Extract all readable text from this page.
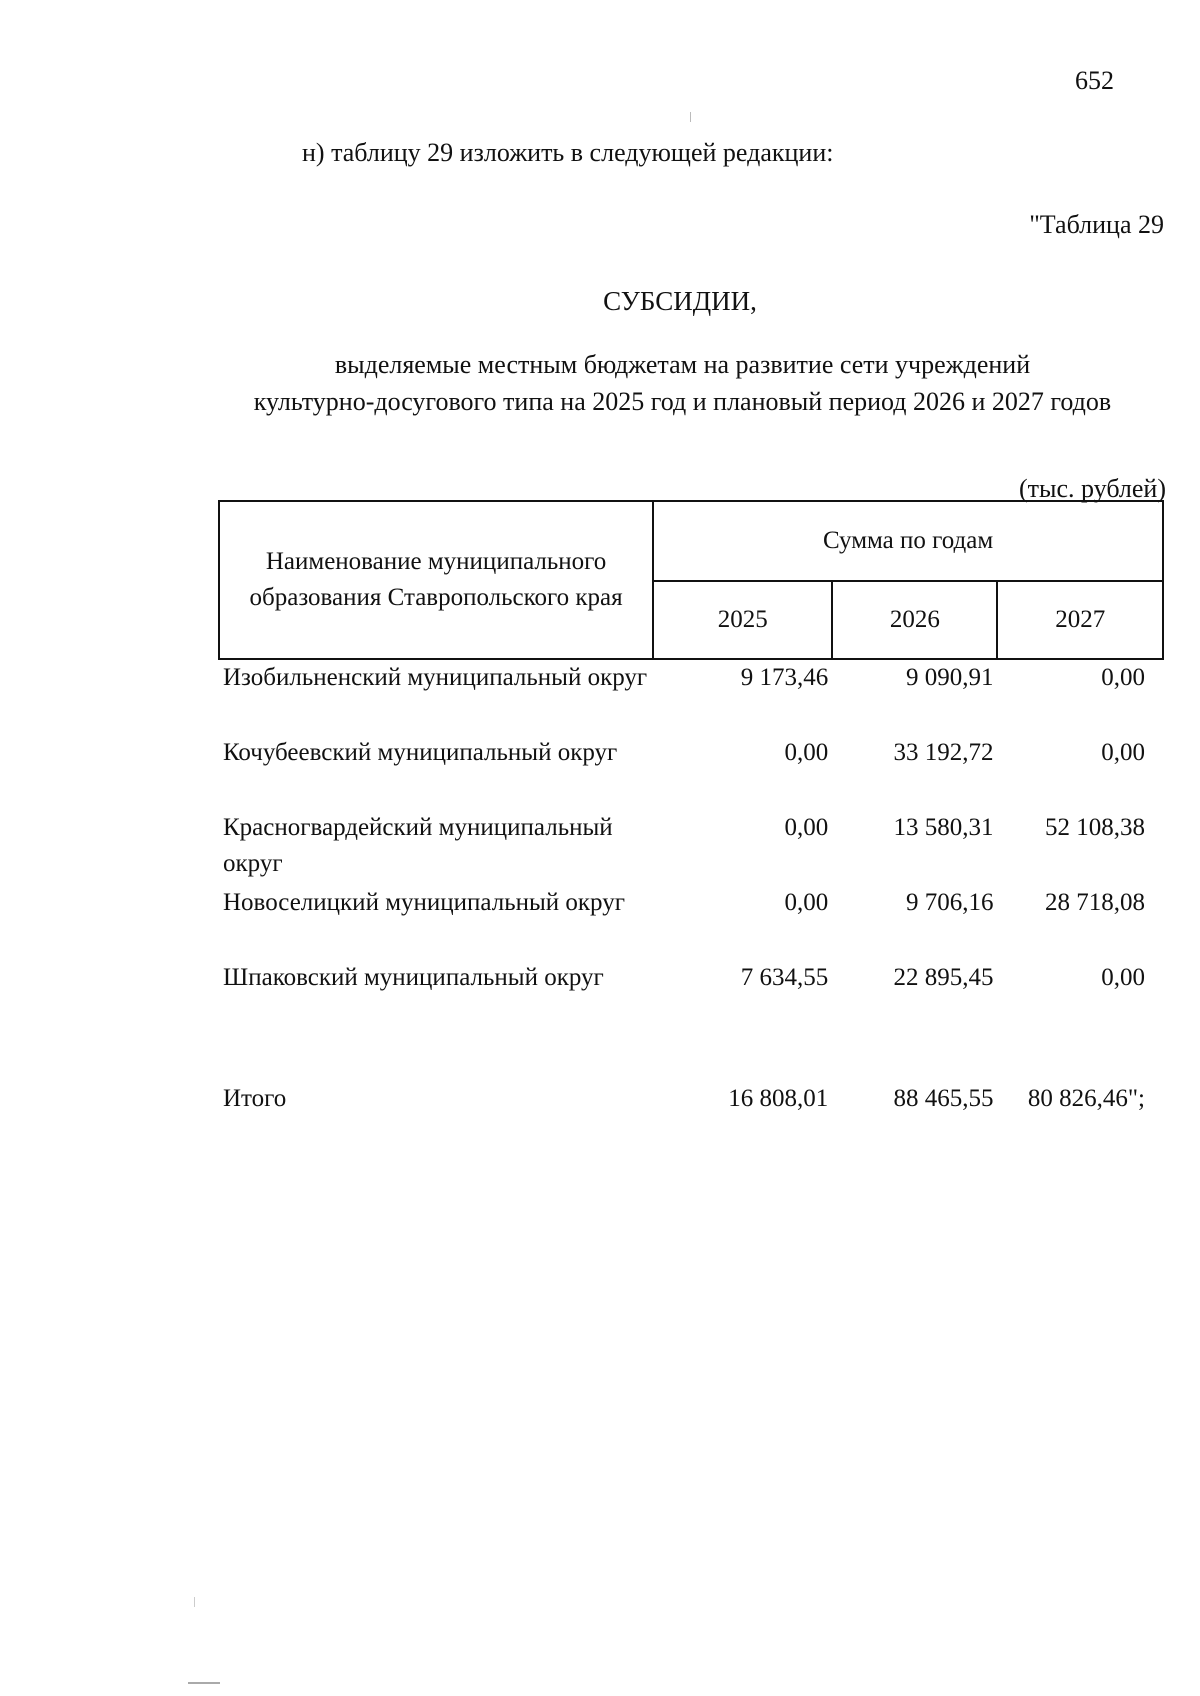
652
н) таблицу 29 изложить в следующей редакции:
"Таблица 29
СУБСИДИИ,
выделяемые местным бюджетам на развитие сети учреждений
культурно-досугового типа на 2025 год и плановый период 2026 и 2027 годов
(тыс. рублей)
Наименование муниципального образования Ставропольского края	Сумма по годам		
	2025	2026	2027
Изобильненский муниципальный округ	9 173,46	9 090,91	0,00
Кочубеевский муниципальный округ	0,00	33 192,72	0,00
Красногвардейский муниципальный округ	0,00	13 580,31	52 108,38
Новоселицкий муниципальный округ	0,00	9 706,16	28 718,08
Шпаковский муниципальный округ	7 634,55	22 895,45	0,00

Итого	16 808,01	88 465,55	80 826,46";
